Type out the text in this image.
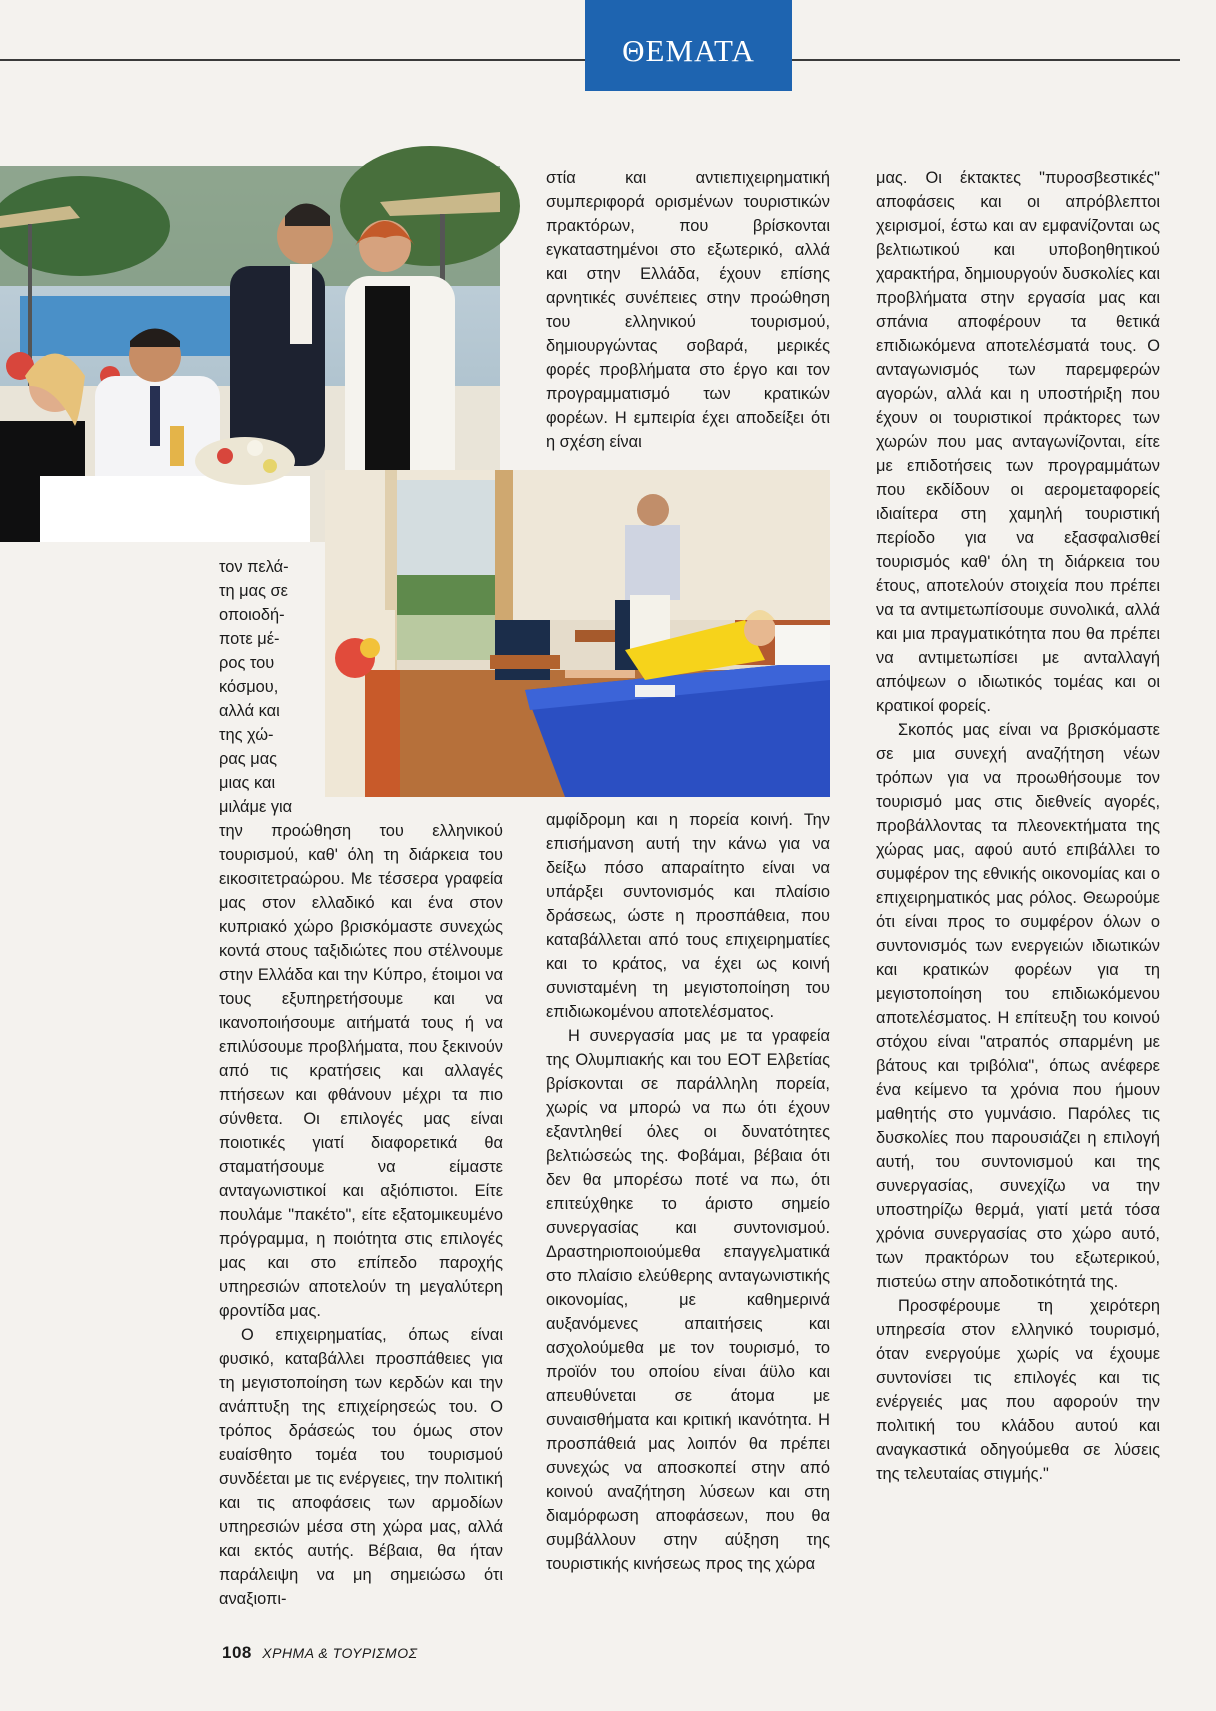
ΘΕΜΑΤΑ
τον πελά-
τη μας σε
οποιοδή-
ποτε μέ-
ρος του
κόσμου,
αλλά και
της χώ-
ρας μας
μιας και
μιλάμε για

την προώθηση του ελληνικού τουρισμού, καθ' όλη τη διάρκεια του εικοσιτετραώρου. Με τέσσερα γραφεία μας στον ελλαδικό και ένα στον κυπριακό χώρο βρισκόμαστε συνεχώς κοντά στους ταξιδιώτες που στέλνουμε στην Ελλάδα και την Κύπρο, έτοιμοι να τους εξυπηρετήσουμε και να ικανοποιήσουμε αιτήματά τους ή να επιλύσουμε προβλήματα, που ξεκινούν από τις κρατήσεις και αλλαγές πτήσεων και φθάνουν μέχρι τα πιο σύνθετα. Οι επιλογές μας είναι ποιοτικές γιατί διαφορετικά θα σταματήσουμε να είμαστε ανταγωνιστικοί και αξιόπιστοι. Είτε πουλάμε "πακέτο", είτε εξατομικευμένο πρόγραμμα, η ποιότητα στις επιλογές μας και στο επίπεδο παροχής υπηρεσιών αποτελούν τη μεγαλύτερη φροντίδα μας.

Ο επιχειρηματίας, όπως είναι φυσικό, καταβάλλει προσπάθειες για τη μεγιστοποίηση των κερδών και την ανάπτυξη της επιχείρησεώς του. Ο τρόπος δράσεώς του όμως στον ευαίσθητο τομέα του τουρισμού συνδέεται με τις ενέργειες, την πολιτική και τις αποφάσεις των αρμοδίων υπηρεσιών μέσα στη χώρα μας, αλλά και εκτός αυτής. Βέβαια, θα ήταν παράλειψη να μη σημειώσω ότι αναξιοπι-

στία και αντιεπιχειρηματική συμπεριφορά ορισμένων τουριστικών πρακτόρων, που βρίσκονται εγκαταστημένοι στο εξωτερικό, αλλά και στην Ελλάδα, έχουν επίσης αρνητικές συνέπειες στην προώθηση του ελληνικού τουρισμού, δημιουργώντας σοβαρά, μερικές φορές προβλήματα στο έργο και τον προγραμματισμό των κρατικών φορέων. Η εμπειρία έχει αποδείξει ότι η σχέση είναι

αμφίδρομη και η πορεία κοινή. Την επισήμανση αυτή την κάνω για να δείξω πόσο απαραίτητο είναι να υπάρξει συντονισμός και πλαίσιο δράσεως, ώστε η προσπάθεια, που καταβάλλεται από τους επιχειρηματίες και το κράτος, να έχει ως κοινή συνισταμένη τη μεγιστοποίηση του επιδιωκομένου αποτελέσματος.

Η συνεργασία μας με τα γραφεία της Ολυμπιακής και του ΕΟΤ Ελβετίας βρίσκονται σε παράλληλη πορεία, χωρίς να μπορώ να πω ότι έχουν εξαντληθεί όλες οι δυνατότητες βελτιώσεώς της. Φοβάμαι, βέβαια ότι δεν θα μπορέσω ποτέ να πω, ότι επιτεύχθηκε το άριστο σημείο συνεργασίας και συντονισμού. Δραστηριοποιούμεθα επαγγελματικά στο πλαίσιο ελεύθερης ανταγωνιστικής οικονομίας, με καθημερινά αυξανόμενες απαιτήσεις και ασχολούμεθα με τον τουρισμό, το προϊόν του οποίου είναι άϋλο και απευθύνεται σε άτομα με συναισθήματα και κριτική ικανότητα. Η προσπάθειά μας λοιπόν θα πρέπει συνεχώς να αποσκοπεί στην από κοινού αναζήτηση λύσεων και στη διαμόρφωση αποφάσεων, που θα συμβάλλουν στην αύξηση της τουριστικής κινήσεως προς της χώρα

μας. Οι έκτακτες "πυροσβεστικές" αποφάσεις και οι απρόβλεπτοι χειρισμοί, έστω και αν εμφανίζονται ως βελτιωτικού και υποβοηθητικού χαρακτήρα, δημιουργούν δυσκολίες και προβλήματα στην εργασία μας και σπάνια αποφέρουν τα θετικά επιδιωκόμενα αποτελέσματά τους. Ο ανταγωνισμός των παρεμφερών αγορών, αλλά και η υποστήριξη που έχουν οι τουριστικοί πράκτορες των χωρών που μας ανταγωνίζονται, είτε με επιδοτήσεις των προγραμμάτων που εκδίδουν οι αερομεταφορείς ιδιαίτερα στη χαμηλή τουριστική περίοδο για να εξασφαλισθεί τουρισμός καθ' όλη τη διάρκεια του έτους, αποτελούν στοιχεία που πρέπει να τα αντιμετωπίσουμε συνολικά, αλλά και μια πραγματικότητα που θα πρέπει να αντιμετωπίσει με ανταλλαγή απόψεων ο ιδιωτικός τομέας και οι κρατικοί φορείς.

Σκοπός μας είναι να βρισκόμαστε σε μια συνεχή αναζήτηση νέων τρόπων για να προωθήσουμε τον τουρισμό μας στις διεθνείς αγορές, προβάλλοντας τα πλεονεκτήματα της χώρας μας, αφού αυτό επιβάλλει το συμφέρον της εθνικής οικονομίας και ο επιχειρηματικός μας ρόλος. Θεωρούμε ότι είναι προς το συμφέρον όλων ο συντονισμός των ενεργειών ιδιωτικών και κρατικών φορέων για τη μεγιστοποίηση του επιδιωκόμενου αποτελέσματος. Η επίτευξη του κοινού στόχου είναι "ατραπός σπαρμένη με βάτους και τριβόλια", όπως ανέφερε ένα κείμενο τα χρόνια που ήμουν μαθητής στο γυμνάσιο. Παρόλες τις δυσκολίες που παρουσιάζει η επιλογή αυτή, του συντονισμού και της συνεργασίας, συνεχίζω να την υποστηρίζω θερμά, γιατί μετά τόσα χρόνια συνεργασίας στο χώρο αυτό, των πρακτόρων του εξωτερικού, πιστεύω στην αποδοτικότητά της.

Προσφέρουμε τη χειρότερη υπηρεσία στον ελληνικό τουρισμό, όταν ενεργούμε χωρίς να έχουμε συντονίσει τις επιλογές και τις ενέργειές μας που αφορούν την πολιτική του κλάδου αυτού και αναγκαστικά οδηγούμεθα σε λύσεις της τελευταίας στιγμής."

108 ΧΡΗΜΑ & ΤΟΥΡΙΣΜΟΣ
